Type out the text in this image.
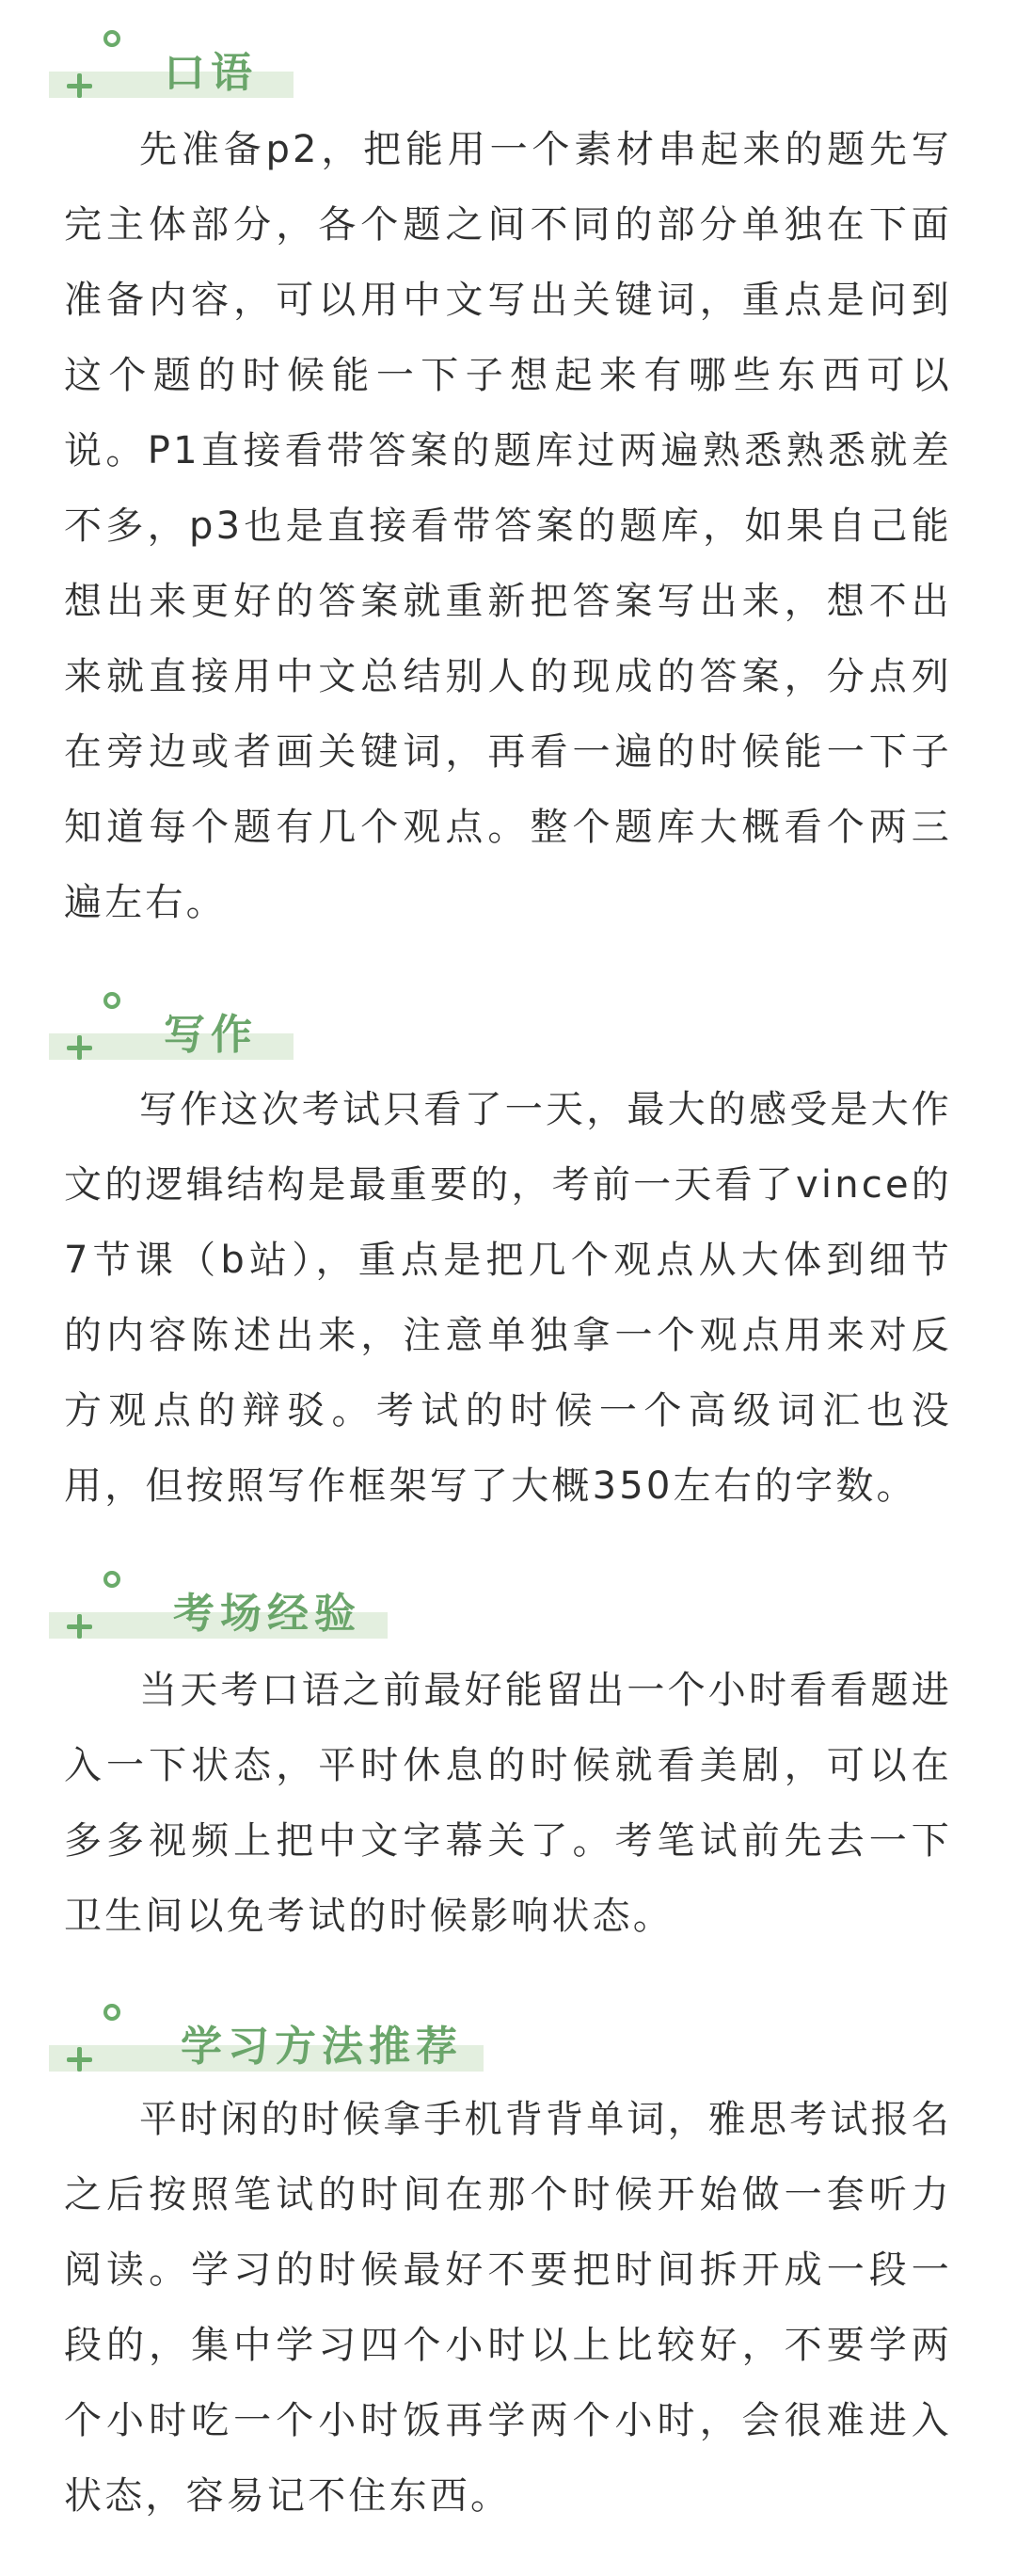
口语

先准备p2，把能用一个素材串起来的题先写完主体部分，各个题之间不同的部分单独在下面准备内容，可以用中文写出关键词，重点是问到这个题的时候能一下子想起来有哪些东西可以说。P1直接看带答案的题库过两遍熟悉熟悉就差不多，p3也是直接看带答案的题库，如果自己能想出来更好的答案就重新把答案写出来，想不出来就直接用中文总结别人的现成的答案，分点列在旁边或者画关键词，再看一遍的时候能一下子知道每个题有几个观点。整个题库大概看个两三遍左右。

写作

写作这次考试只看了一天，最大的感受是大作文的逻辑结构是最重要的，考前一天看了vince的7节课（b站），重点是把几个观点从大体到细节的内容陈述出来，注意单独拿一个观点用来对反方观点的辩驳。考试的时候一个高级词汇也没用，但按照写作框架写了大概350左右的字数。

考场经验

当天考口语之前最好能留出一个小时看看题进入一下状态，平时休息的时候就看美剧，可以在多多视频上把中文字幕关了。考笔试前先去一下卫生间以免考试的时候影响状态。

学习方法推荐

平时闲的时候拿手机背背单词，雅思考试报名之后按照笔试的时间在那个时候开始做一套听力阅读。学习的时候最好不要把时间拆开成一段一段的，集中学习四个小时以上比较好，不要学两个小时吃一个小时饭再学两个小时，会很难进入状态，容易记不住东西。
